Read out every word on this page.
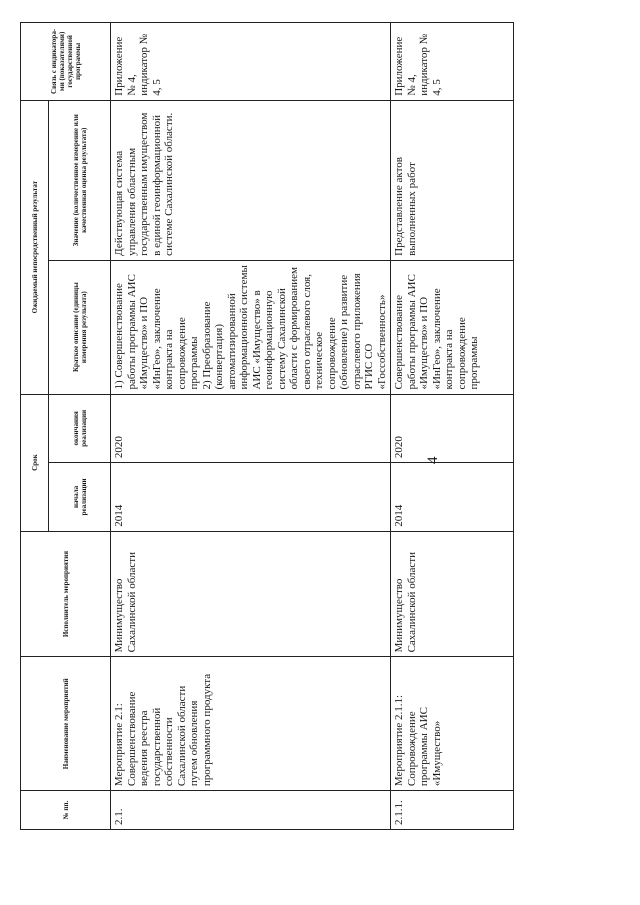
4
№ пп.	Наименование мероприятий	Исполнитель мероприятия	Срок		Ожидаемый непосредственный результат		Связь с индикатора-ми (показателями) государственной программы
			начала реализации	окончания реализации	Краткое описание (единицы измерения результата)	Значение (количественное измерение или качественная оценка результата)	
2.1.	Мероприятие 2.1: Совершенствование ведения реестра государственной собственности Сахалинской области путем обновления программного продукта	Минимущество Сахалинской области	2014	2020	1) Совершенствование работы программы АИС «Имущество» и ПО «ИнГео», заключение контракта на сопровождение программы 2) Преобразование (конвертация) автоматизированной информационной системы АИС «Имущество» в геоинформационную систему Сахалинской области с формированием своего отраслевого слоя, техническое сопровождение (обновление) и развитие отраслевого приложения РГИС СО «Госсобственность»	Действующая система управления областным государственным имуществом в единой геоинформационной системе Сахалинской области.	Приложение № 4, индикатор № 4, 5
2.1.1.	Мероприятие 2.1.1: Сопровождение программы АИС «Имущество»	Минимущество Сахалинской области	2014	2020	Совершенствование работы программы АИС «Имущество» и ПО «ИнГео», заключение контракта на сопровождение программы	Представление актов выполненных работ	Приложение № 4, индикатор № 4, 5
